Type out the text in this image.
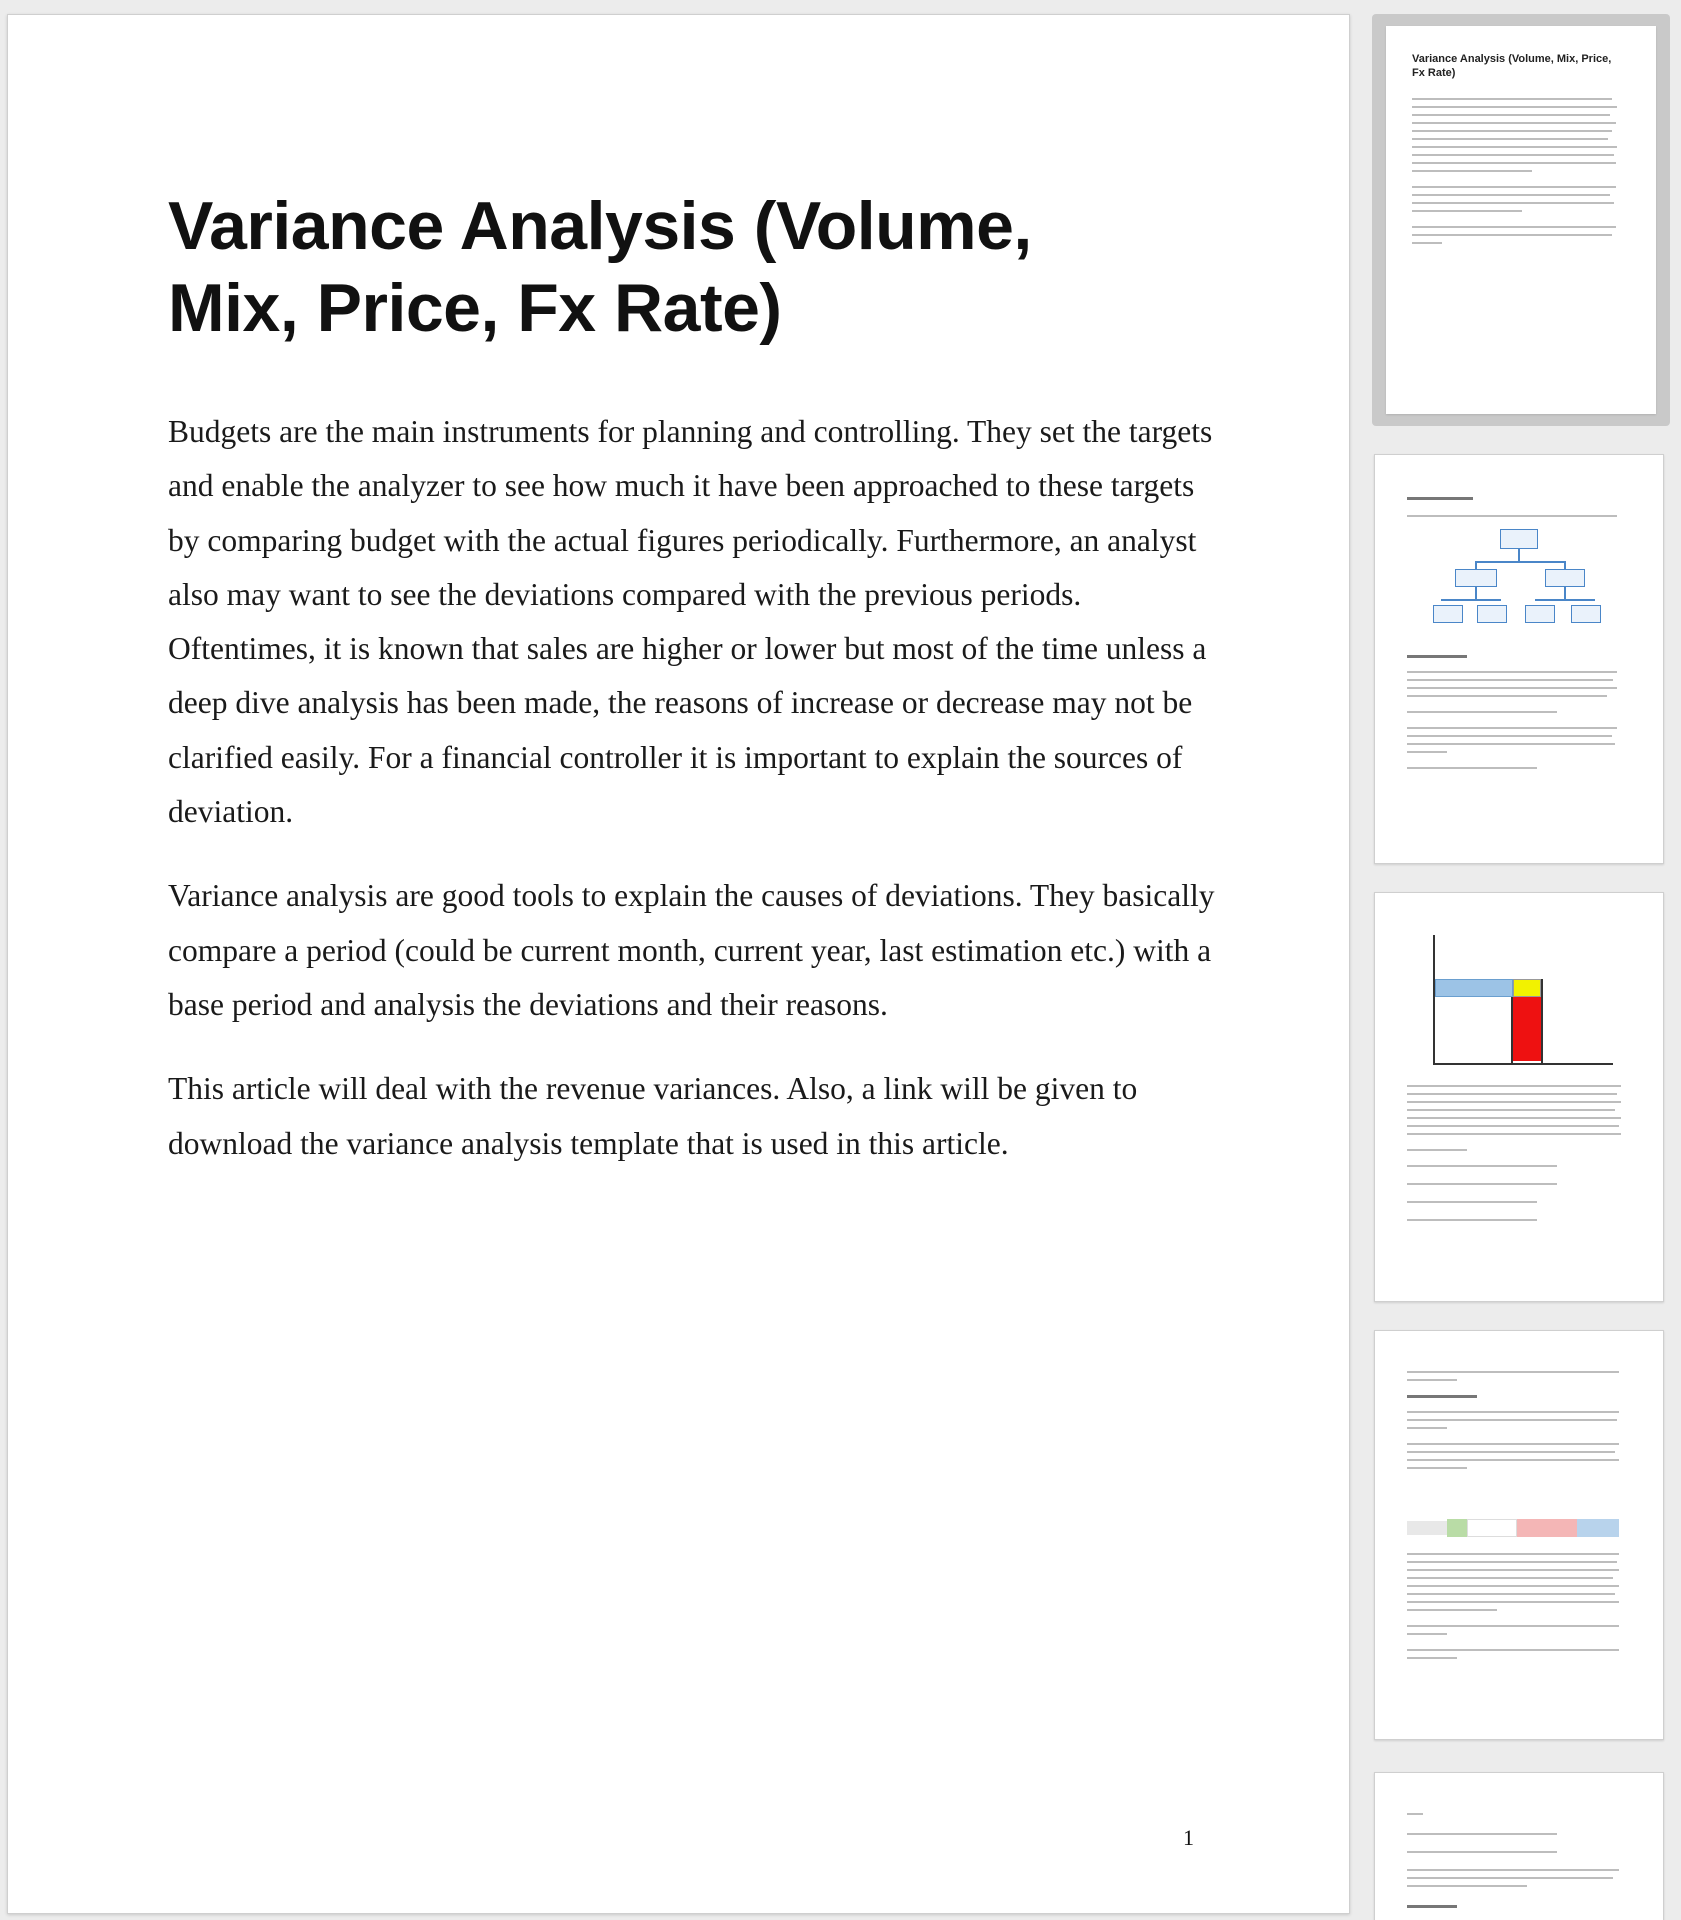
Variance Analysis (Volume, Mix, Price, Fx Rate)

Budgets are the main instruments for planning and controlling. They set the targets and enable the analyzer to see how much it have been approached to these targets by comparing budget with the actual figures periodically. Furthermore, an analyst also may want to see the deviations compared with the previous periods. Oftentimes, it is known that sales are higher or lower but most of the time unless a deep dive analysis has been made, the reasons of increase or decrease may not be clarified easily. For a financial controller it is important to explain the sources of deviation.

Variance analysis are good tools to explain the causes of deviations. They basically compare a period (could be current month, current year, last estimation etc.) with a base period and analysis the deviations and their reasons.

This article will deal with the revenue variances. Also, a link will be given to download the variance analysis template that is used in this article.

1
Variance Analysis (Volume, Mix, Price, Fx Rate)
